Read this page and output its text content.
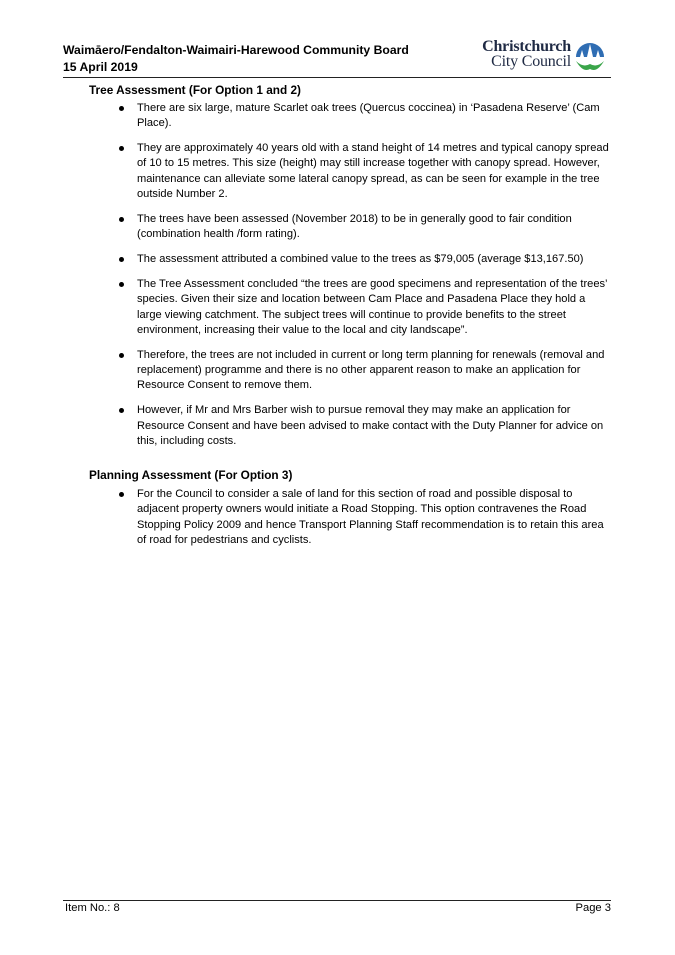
Waimāero/Fendalton-Waimairi-Harewood Community Board
15 April 2019
Christchurch
City Council
Tree Assessment (For Option 1 and 2)
There are six large, mature Scarlet oak trees (Quercus coccinea) in ‘Pasadena Reserve’ (Cam Place).
They are approximately 40 years old with a stand height of 14 metres and typical canopy spread of 10 to 15 metres. This size (height) may still increase together with canopy spread. However, maintenance can alleviate some lateral canopy spread, as can be seen for example in the tree outside Number 2.
The trees have been assessed (November 2018) to be in generally good to fair condition (combination health /form rating).
The assessment attributed a combined value to the trees as $79,005 (average $13,167.50)
The Tree Assessment concluded “the trees are good specimens and representation of the trees’ species. Given their size and location between Cam Place and Pasadena Place they hold a large viewing catchment. The subject trees will continue to provide benefits to the street environment, increasing their value to the local and city landscape”.
Therefore, the trees are not included in current or long term planning for renewals (removal and replacement) programme and there is no other apparent reason to make an application for Resource Consent to remove them.
However, if Mr and Mrs Barber wish to pursue removal they may make an application for Resource Consent and have been advised to make contact with the Duty Planner for advice on this, including costs.
Planning Assessment (For Option 3)
For the Council to consider a sale of land for this section of road and possible disposal to adjacent property owners would initiate a Road Stopping. This option contravenes the Road Stopping Policy 2009 and hence Transport Planning Staff recommendation is to retain this area of road for pedestrians and cyclists.
Item No.: 8	Page 3
